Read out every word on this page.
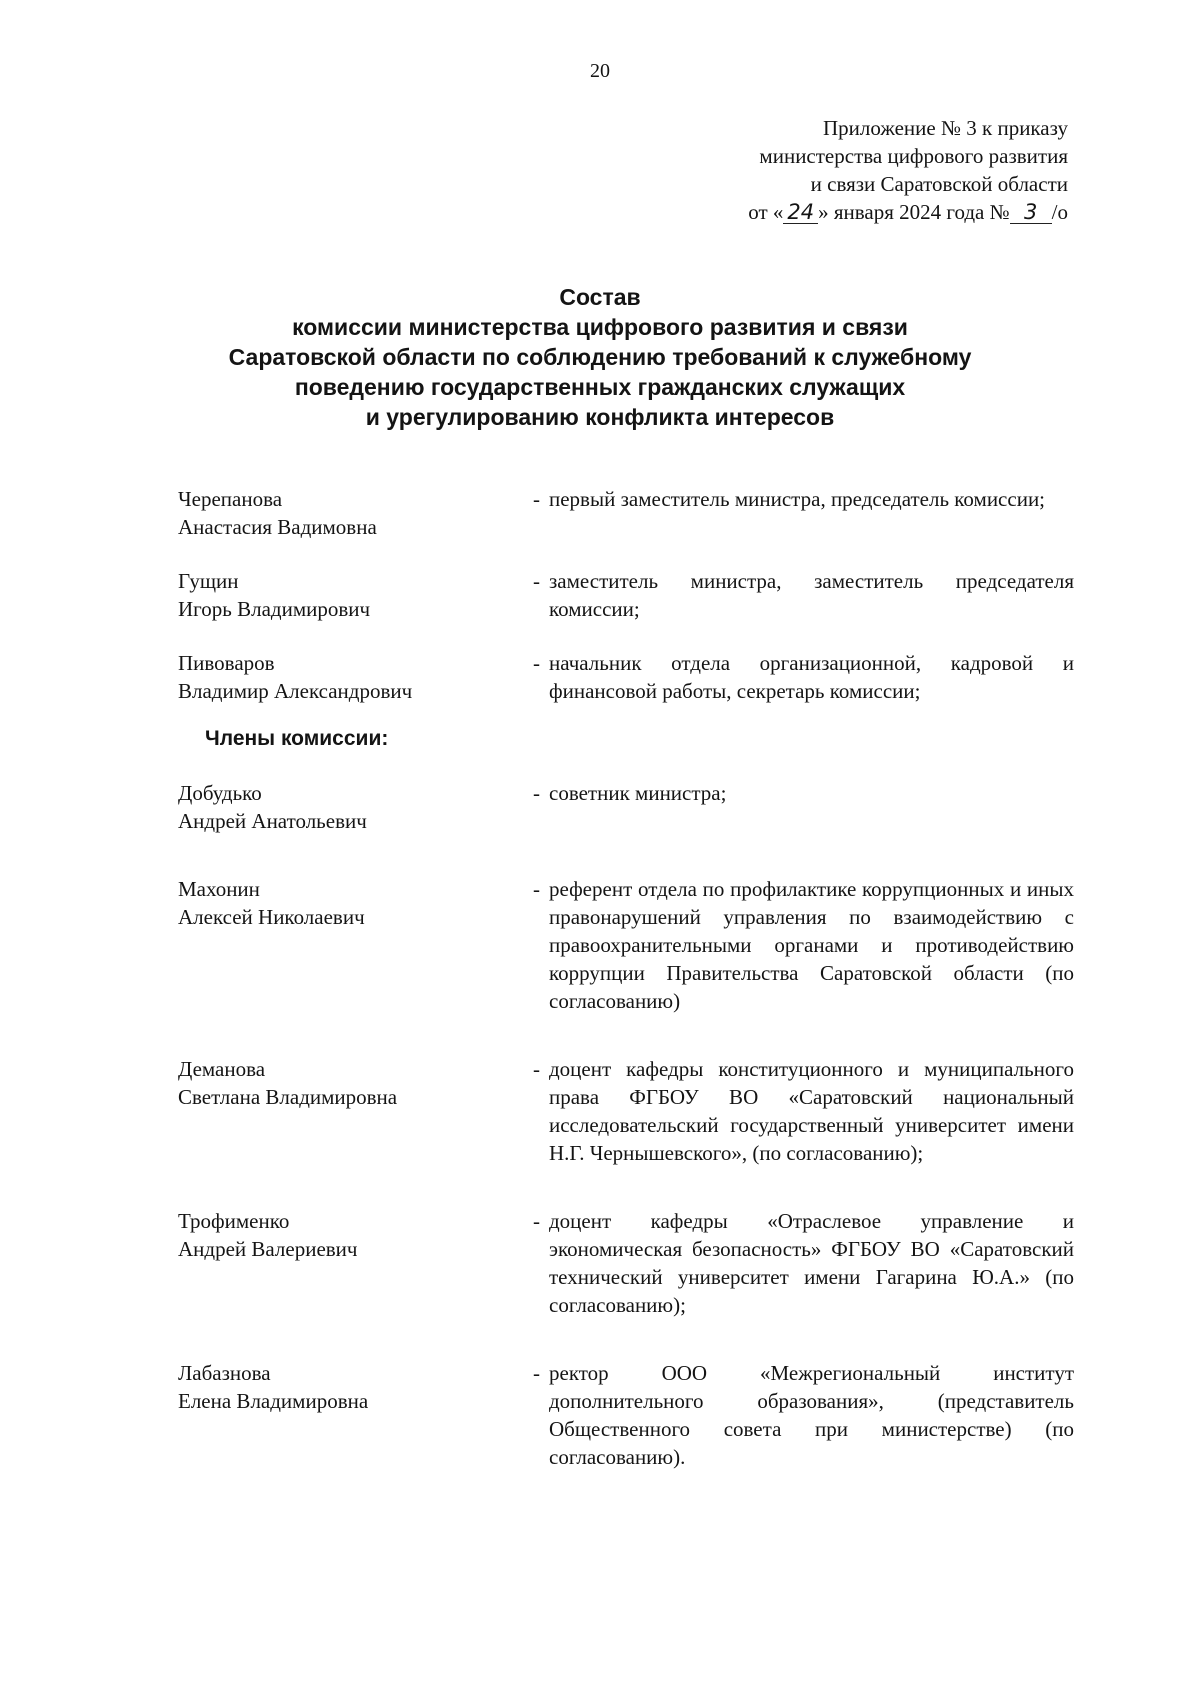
20
Приложение № 3 к приказу
министерства цифрового развития
и связи Саратовской области
от « 24 » января 2024 года № 3 /о
Состав
комиссии министерства цифрового развития и связи
Саратовской области по соблюдению требований к служебному
поведению государственных гражданских служащих
и урегулированию конфликта интересов
Черепанова
Анастасия Вадимовна
- первый заместитель министра, председатель комиссии;
Гущин
Игорь Владимирович
- заместитель министра, заместитель председателя комиссии;
Пивоваров
Владимир Александрович
- начальник отдела организационной, кадровой и финансовой работы, секретарь комиссии;
Члены комиссии:
Добудько
Андрей Анатольевич
- советник министра;
Махонин
Алексей Николаевич
- референт отдела по профилактике коррупционных и иных правонарушений управления по взаимодействию с правоохранительными органами и противодействию коррупции Правительства Саратовской области (по согласованию)
Деманова
Светлана Владимировна
- доцент кафедры конституционного и муниципального права ФГБОУ ВО «Саратовский национальный исследовательский государственный университет имени Н.Г. Чернышевского», (по согласованию);
Трофименко
Андрей Валериевич
- доцент кафедры «Отраслевое управление и экономическая безопасность» ФГБОУ ВО «Саратовский технический университет имени Гагарина Ю.А.» (по согласованию);
Лабазнова
Елена Владимировна
- ректор ООО «Межрегиональный институт дополнительного образования», (представитель Общественного совета при министерстве) (по согласованию).
